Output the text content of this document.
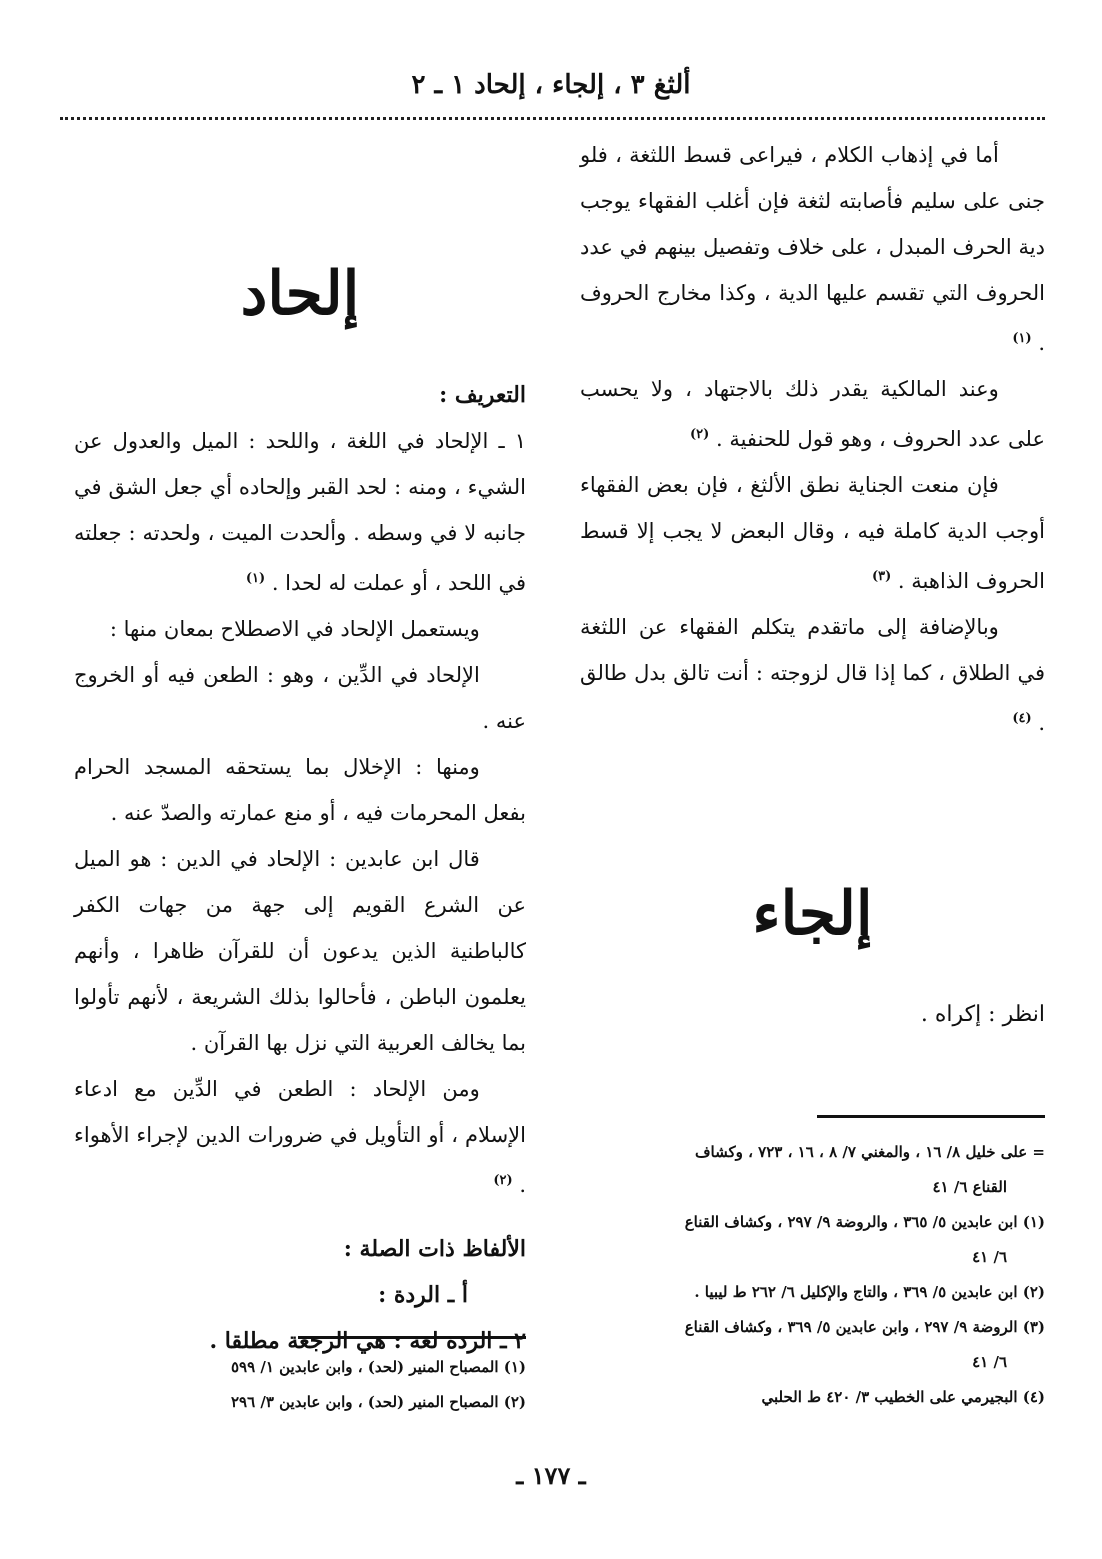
ألثغ ٣ ، إلجاء ، إلحاد ١ ـ ٢

أما في إذهاب الكلام ، فيراعى قسط اللثغة ، فلو جنى على سليم فأصابته لثغة فإن أغلب الفقهاء يوجب دية الحرف المبدل ، على خلاف وتفصيل بينهم في عدد الحروف التي تقسم عليها الدية ، وكذا مخارج الحروف . $^{(١)}$

وعند المالكية يقدر ذلك بالاجتهاد ، ولا يحسب على عدد الحروف ، وهو قول للحنفية . $^{(٢)}$

فإن منعت الجناية نطق الألثغ ، فإن بعض الفقهاء أوجب الدية كاملة فيه ، وقال البعض لا يجب إلا قسط الحروف الذاهبة . $^{(٣)}$

وبالإضافة إلى ماتقدم يتكلم الفقهاء عن اللثغة في الطلاق ، كما إذا قال لزوجته : أنت تالق بدل طالق . $^{(٤)}$

إلجاء

انظر : إكراه .

= على خليل ٨/ ١٦ ، والمغني ٧/ ٨ ، ١٦ ، ٧٢٣ ، وكشاف
القناع ٦/ ٤١
(١) ابن عابدين ٥/ ٣٦٥ ، والروضة ٩/ ٢٩٧ ، وكشاف القناع
٦/ ٤١
(٢) ابن عابدين ٥/ ٣٦٩ ، والتاج والإكليل ٦/ ٢٦٢ ط ليبيا .
(٣) الروضة ٩/ ٢٩٧ ، وابن عابدين ٥/ ٣٦٩ ، وكشاف القناع
٦/ ٤١
(٤) البجيرمي على الخطيب ٣/ ٤٢٠ ط الحلبي
إلحاد

التعريف :

١ ـ الإلحاد في اللغة ، واللحد : الميل والعدول عن الشيء ، ومنه : لحد القبر وإلحاده أي جعل الشق في جانبه لا في وسطه . وألحدت الميت ، ولحدته : جعلته في اللحد ، أو عملت له لحدا . $^{(١)}$

ويستعمل الإلحاد في الاصطلاح بمعان منها :

الإلحاد في الدِّين ، وهو : الطعن فيه أو الخروج عنه .

ومنها : الإخلال بما يستحقه المسجد الحرام بفعل المحرمات فيه ، أو منع عمارته والصدّ عنه .

قال ابن عابدين : الإلحاد في الدين : هو الميل عن الشرع القويم إلى جهة من جهات الكفر كالباطنية الذين يدعون أن للقرآن ظاهرا ، وأنهم يعلمون الباطن ، فأحالوا بذلك الشريعة ، لأنهم تأولوا بما يخالف العربية التي نزل بها القرآن .

ومن الإلحاد : الطعن في الدِّين مع ادعاء الإسلام ، أو التأويل في ضرورات الدين لإجراء الأهواء . $^{(٢)}$

الألفاظ ذات الصلة :

أ ـ الردة :

٢ ـ الردة لغة : هي الرجعة مطلقا .

(١) المصباح المنير (لحد) ، وابن عابدين ١/ ٥٩٩
(٢) المصباح المنير (لحد) ، وابن عابدين ٣/ ٢٩٦
ـ ١٧٧ ـ
